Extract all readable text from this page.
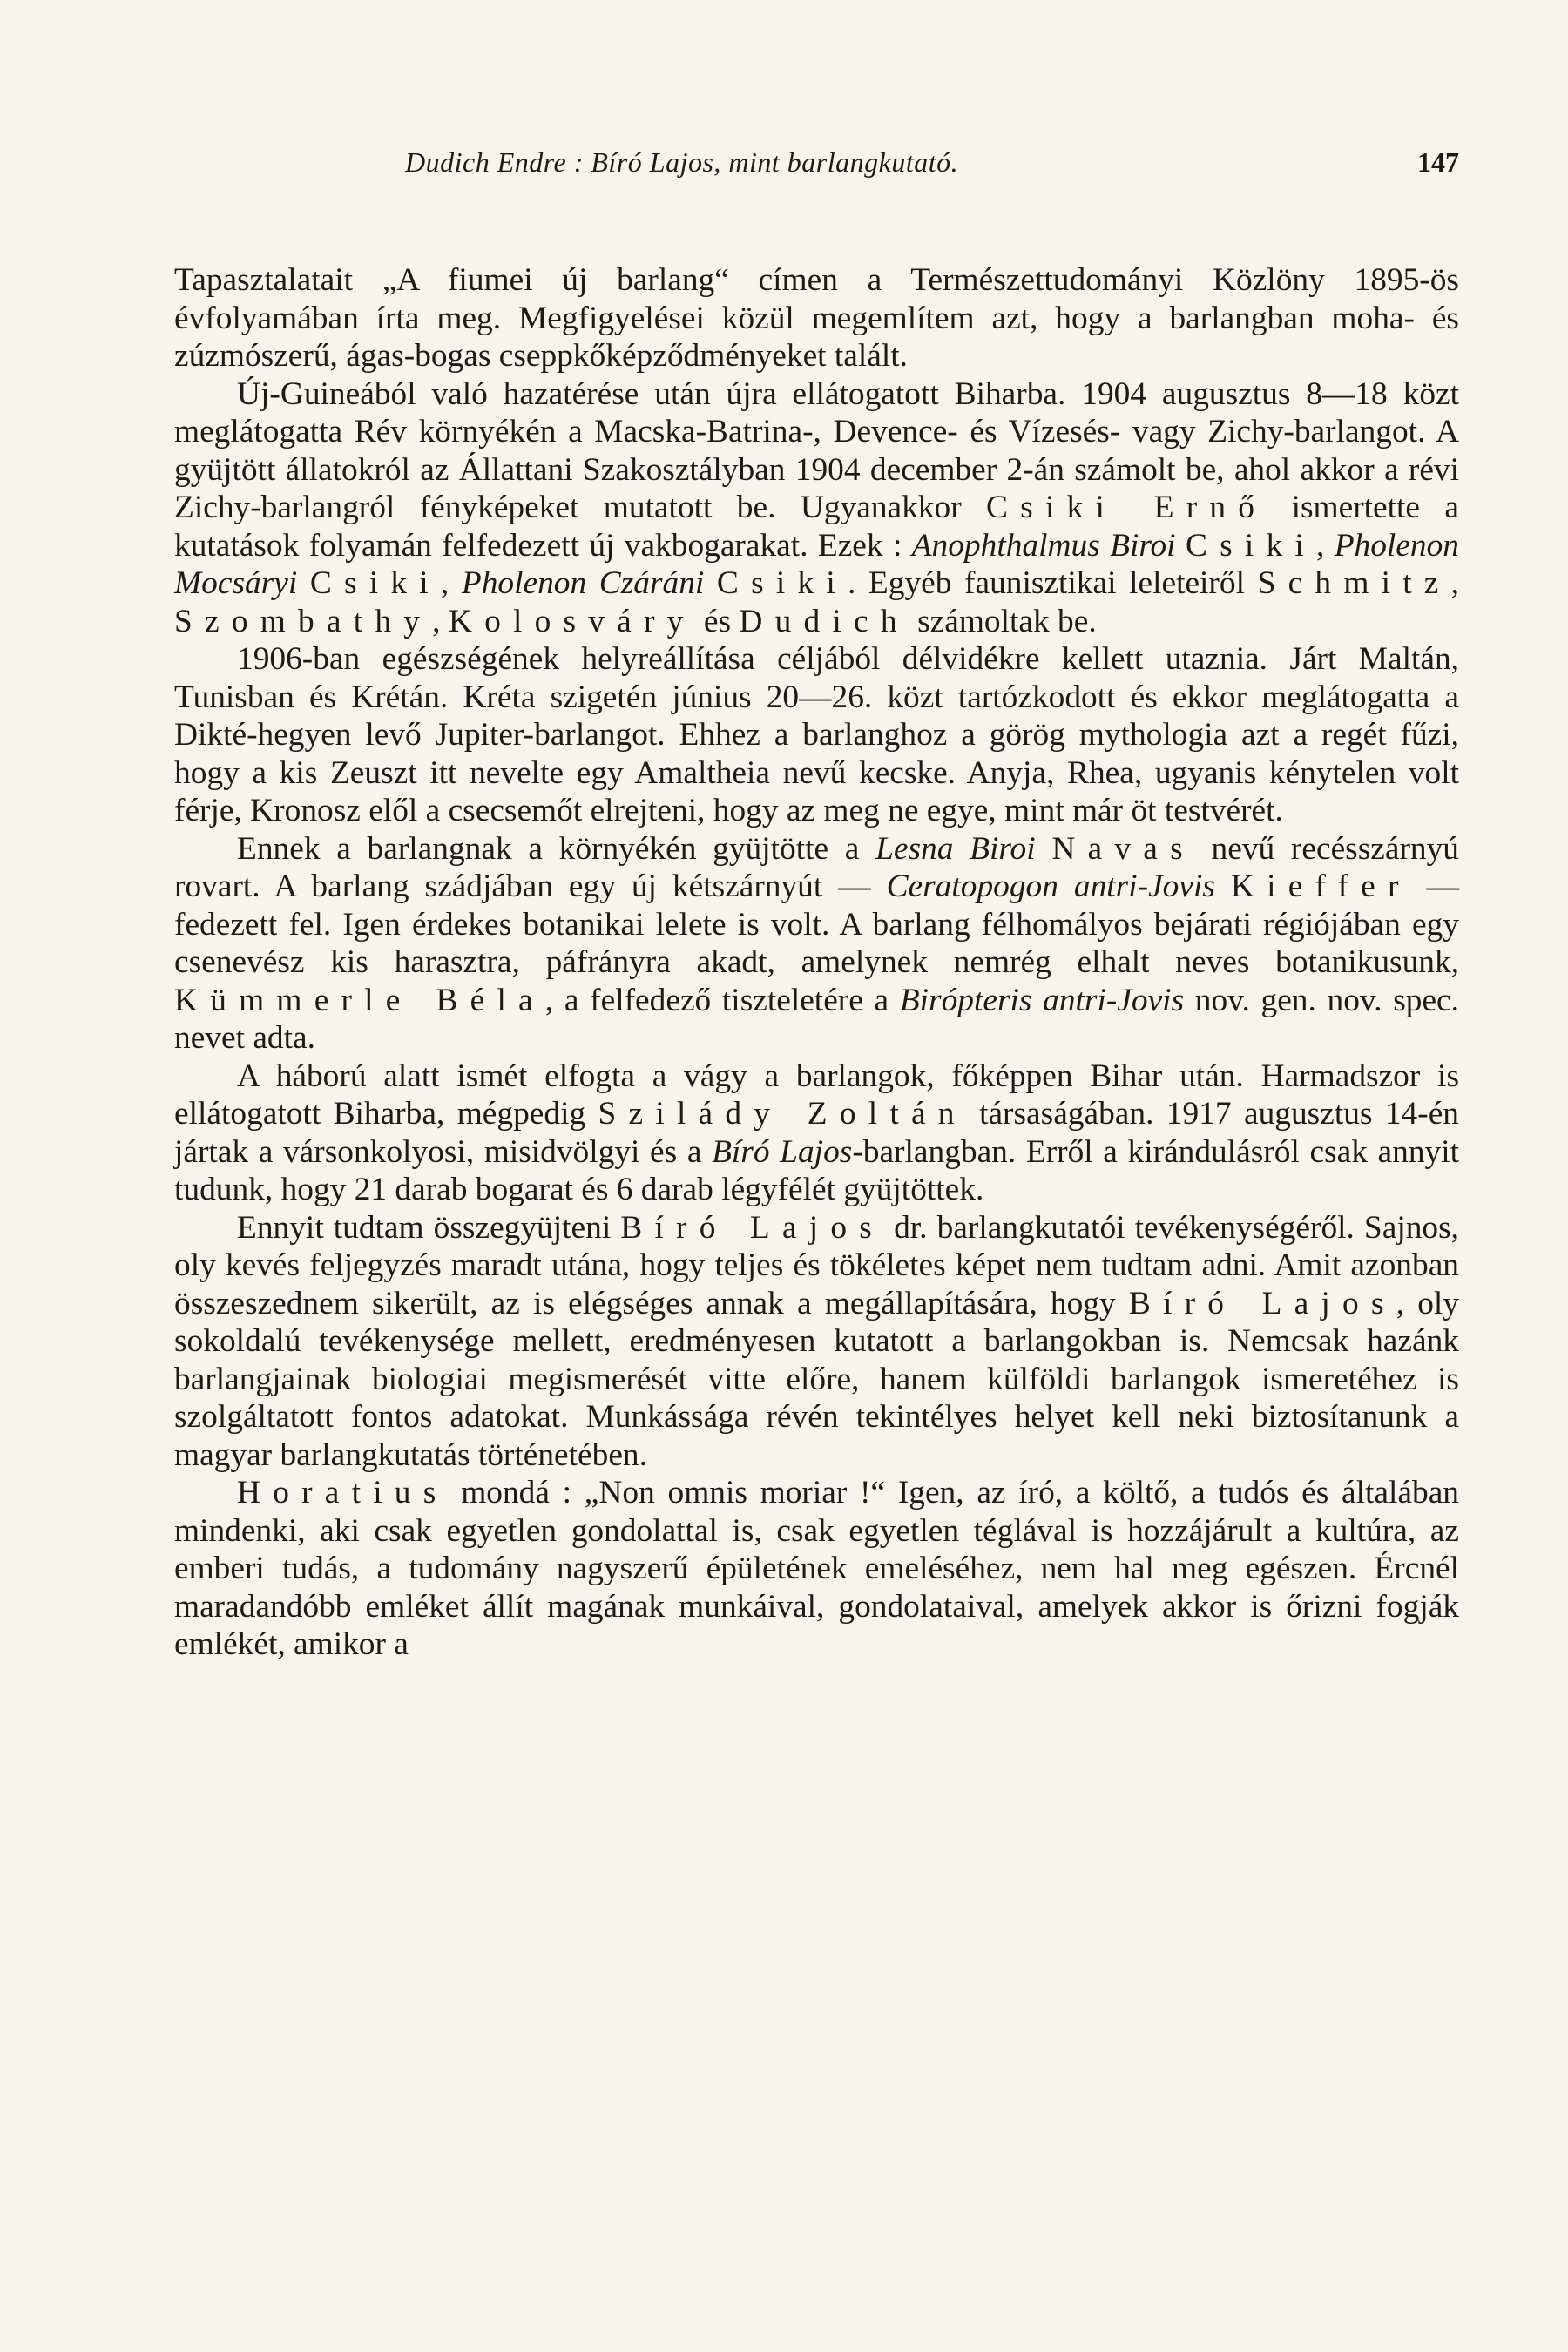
Dudich Endre : Bíró Lajos, mint barlangkutató.	147

Tapasztalatait „A fiumei új barlang“ címen a Természettudományi Közlöny 1895-ös évfolyamában írta meg. Megfigyelései közül megemlítem azt, hogy a barlangban moha- és zúzmószerű, ágas-bogas cseppkőképződményeket talált.

Új-Guineából való hazatérése után újra ellátogatott Biharba. 1904 augusztus 8—18 közt meglátogatta Rév környékén a Macska-Batrina-, Devence- és Vízesés- vagy Zichy-barlangot. A gyüjtött állatokról az Állattani Szakosztályban 1904 december 2-án számolt be, ahol akkor a révi Zichy-barlangról fényképeket mutatott be. Ugyanakkor Csiki Ernő ismertette a kutatások folyamán felfedezett új vakbogarakat. Ezek : Anophthalmus Biroi Csiki, Pholenon Mocsáryi Csiki, Pholenon Czáráni Csiki. Egyéb faunisztikai leleteiről Schmitz, Szombathy, Kolosváry és Dudich számoltak be.

1906-ban egészségének helyreállítása céljából délvidékre kellett utaznia. Járt Maltán, Tunisban és Krétán. Kréta szigetén június 20—26. közt tartózkodott és ekkor meglátogatta a Dikté-hegyen levő Jupiter-barlangot. Ehhez a barlanghoz a görög mythologia azt a regét fűzi, hogy a kis Zeuszt itt nevelte egy Amaltheia nevű kecske. Anyja, Rhea, ugyanis kénytelen volt férje, Kronosz elől a csecsemőt elrejteni, hogy az meg ne egye, mint már öt testvérét.

Ennek a barlangnak a környékén gyüjtötte a Lesna Biroi Navas nevű recésszárnyú rovart. A barlang szádjában egy új kétszárnyút — Ceratopogon antri-Jovis Kieffer — fedezett fel. Igen érdekes botanikai lelete is volt. A barlang félhomályos bejárati régiójában egy csenevész kis harasztra, páfrányra akadt, amelynek nemrég elhalt neves botanikusunk, Kümmerle Béla, a felfedező tiszteletére a Birópteris antri-Jovis nov. gen. nov. spec. nevet adta.

A háború alatt ismét elfogta a vágy a barlangok, főképpen Bihar után. Harmadszor is ellátogatott Biharba, mégpedig Szilády Zoltán társaságában. 1917 augusztus 14-én jártak a vársonkolyosi, misidvölgyi és a Bíró Lajos-barlangban. Erről a kirándulásról csak annyit tudunk, hogy 21 darab bogarat és 6 darab légyfélét gyüjtöttek.

Ennyit tudtam összegyüjteni Bíró Lajos dr. barlangkutatói tevékenységéről. Sajnos, oly kevés feljegyzés maradt utána, hogy teljes és tökéletes képet nem tudtam adni. Amit azonban összeszednem sikerült, az is elégséges annak a megállapítására, hogy Bíró Lajos, oly sokoldalú tevékenysége mellett, eredményesen kutatott a barlangokban is. Nemcsak hazánk barlangjainak biologiai megismerését vitte előre, hanem külföldi barlangok ismeretéhez is szolgáltatott fontos adatokat. Munkássága révén tekintélyes helyet kell neki biztosítanunk a magyar barlangkutatás történetében.

Horatius mondá : „Non omnis moriar !“ Igen, az író, a költő, a tudós és általában mindenki, aki csak egyetlen gondolattal is, csak egyetlen téglával is hozzájárult a kultúra, az emberi tudás, a tudomány nagyszerű épületének emeléséhez, nem hal meg egészen. Ércnél maradandóbb emléket állít magának munkáival, gondolataival, amelyek akkor is őrizni fogják emlékét, amikor a
